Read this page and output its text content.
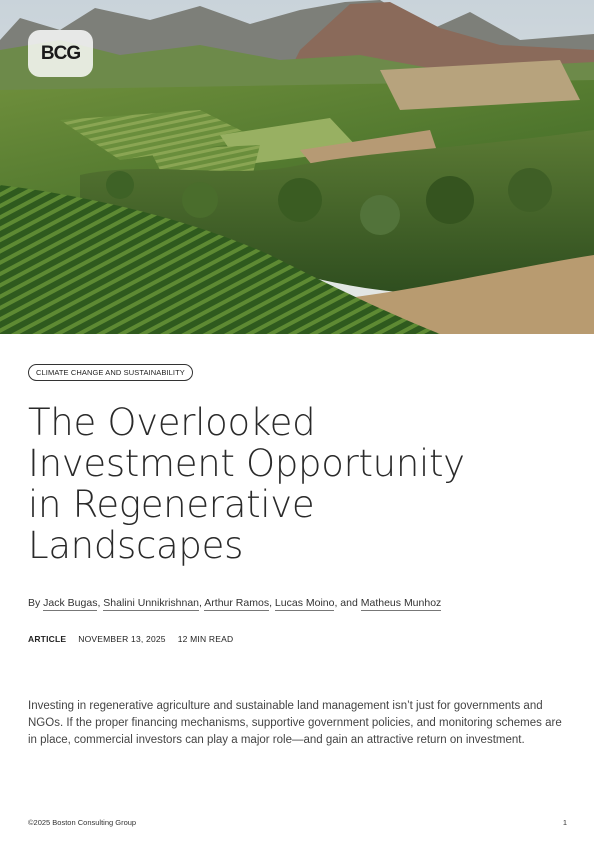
BCG
CLIMATE CHANGE AND SUSTAINABILITY
The Overlooked
Investment Opportunity
in Regenerative
Landscapes
By Jack Bugas, Shalini Unnikrishnan, Arthur Ramos, Lucas Moino, and Matheus Munhoz
ARTICLE NOVEMBER 13, 2025 12 MIN READ

Investing in regenerative agriculture and sustainable land management isn’t just for governments and NGOs. If the proper financing mechanisms, supportive government policies, and monitoring schemes are in place, commercial investors can play a major role—and gain an attractive return on investment.

©2025 Boston Consulting Group	1
